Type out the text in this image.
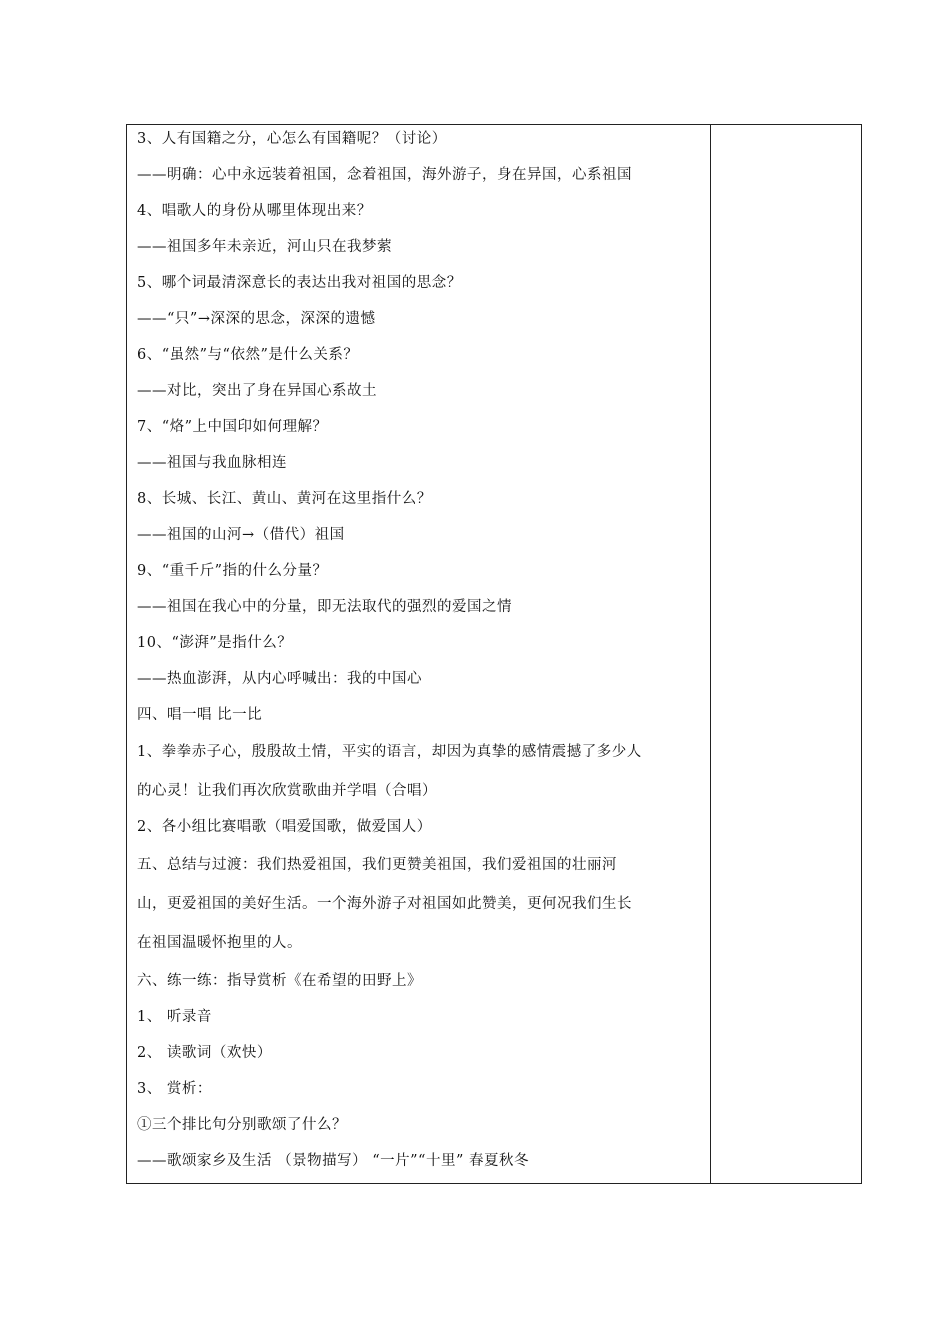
3、人有国籍之分，心怎么有国籍呢？（讨论）
——明确：心中永远装着祖国，念着祖国，海外游子，身在异国，心系祖国
4、唱歌人的身份从哪里体现出来？
——祖国多年未亲近，河山只在我梦萦
5、哪个词最清深意长的表达出我对祖国的思念？
——“只”→深深的思念，深深的遗憾
6、“虽然”与“依然”是什么关系？
——对比，突出了身在异国心系故土
7、“烙”上中国印如何理解？
——祖国与我血脉相连
8、长城、长江、黄山、黄河在这里指什么？
——祖国的山河→（借代）祖国
9、“重千斤”指的什么分量？
——祖国在我心中的分量，即无法取代的强烈的爱国之情
10、“澎湃”是指什么？
——热血澎湃，从内心呼喊出：我的中国心
四、唱一唱 比一比
1、拳拳赤子心，殷殷故土情，平实的语言，却因为真挚的感情震撼了多少人
的心灵！让我们再次欣赏歌曲并学唱（合唱）
2、各小组比赛唱歌（唱爱国歌，做爱国人）
五、总结与过渡：我们热爱祖国，我们更赞美祖国，我们爱祖国的壮丽河
山，更爱祖国的美好生活。一个海外游子对祖国如此赞美，更何况我们生长
在祖国温暖怀抱里的人。
六、练一练：指导赏析《在希望的田野上》
1、 听录音
2、 读歌词（欢快）
3、 赏析：
①三个排比句分别歌颂了什么？
——歌颂家乡及生活 （景物描写） “一片”“十里” 春夏秋冬
